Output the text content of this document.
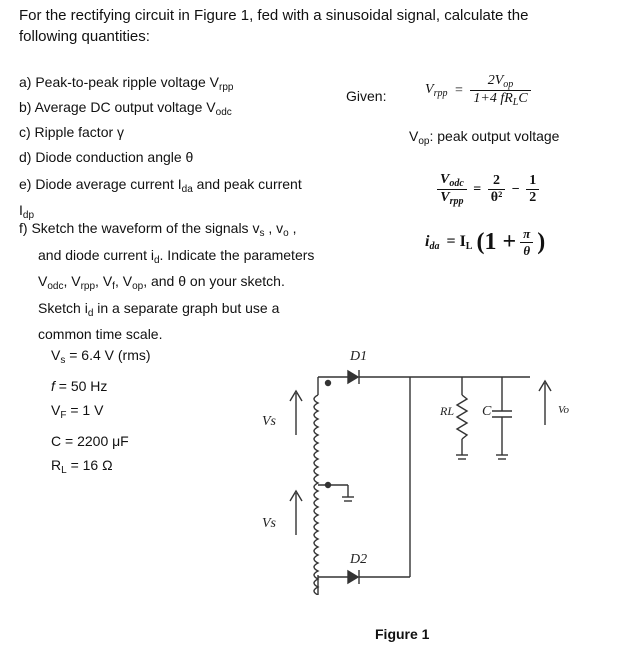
For the rectifying circuit in Figure 1, fed with a sinusoidal signal, calculate the following quantities:
a) Peak-to-peak ripple voltage $V_{rpp}$
b) Average DC output voltage $V_{odc}$
c) Ripple factor γ
d) Diode conduction angle θ
e) Diode average current $I_{da}$ and peak current
$I_{dp}$
f) Sketch the waveform of the signals $v_s$ , $v_o$ ,
and diode current $i_d$. Indicate the parameters
$V_{odc}$, $V_{rpp}$, $V_f$, $V_{op}$, and θ on your sketch.
Sketch $i_d$ in a separate graph but use a
common time scale.
Given:	$V_{rpp} = \frac{2V_{op}}{1+4 fR_LC}$
$V_{op}$: peak output voltage
$\frac{V_{odc}}{V_{rpp}} = \frac{2}{\text{θ²}} - \frac{1}{2}$
$i_{da} = I_L$ ($1 + \frac{\pi}{\theta}$ )
$V_s = 6.4$ V (rms)
f = 50 Hz
$V_F = 1$ V
C = 2200 μF
$R_L = 16$ Ω
D1
D2
Vs
Vs
RL C	Vo
Figure 1
